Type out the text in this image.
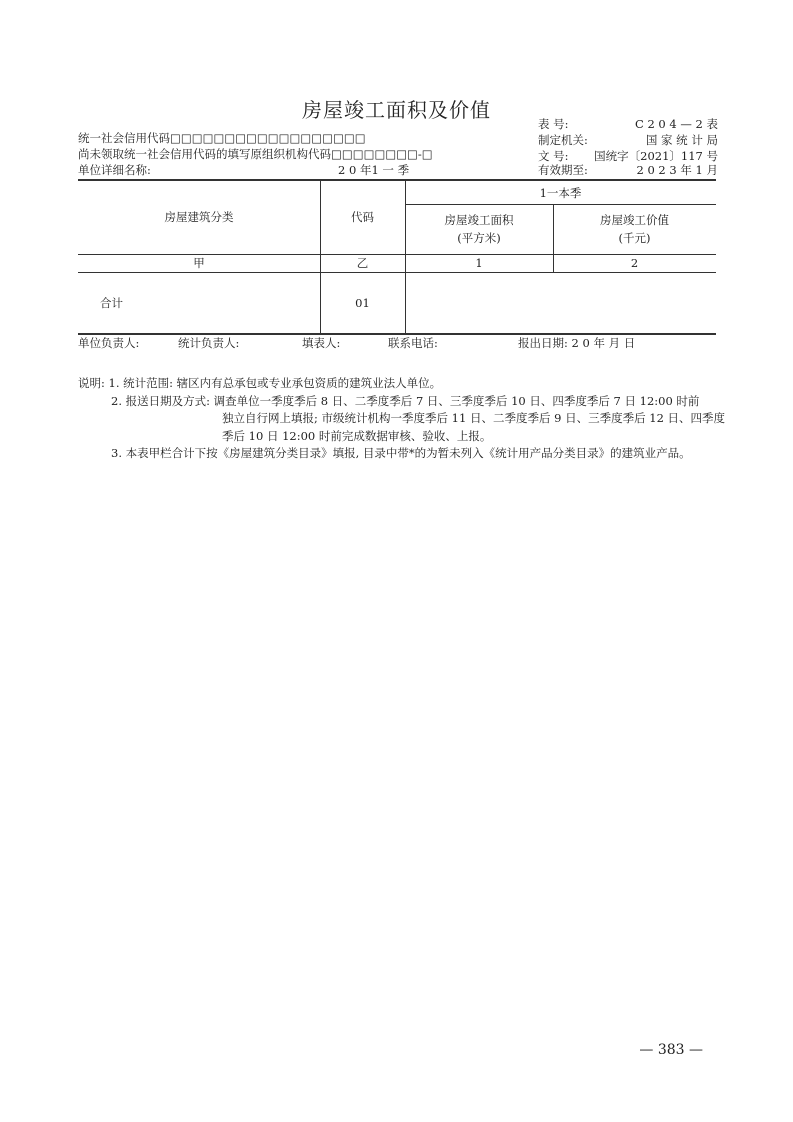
房屋竣工面积及价值
统一社会信用代码□□□□□□□□□□□□□□□□□□
尚未领取统一社会信用代码的填写原组织机构代码□□□□□□□□-□
单位详细名称:	2 0 年1 一 季
表 号:	C 2 0 4 — 2 表
制定机关:	国 家 统 计 局
文 号: 国统字〔2021〕117 号
有效期至:	2 0 2 3 年 1 月
房屋建筑分类	代码
1一本季
房屋竣工面积
(平方米)
房屋竣工价值
(千元)
甲	乙	1	2
合计	01
单位负责人:	统计负责人:	填表人:	联系电话:	报出日期: 2 0 年 月 日
说明: 1. 统计范围: 辖区内有总承包或专业承包资质的建筑业法人单位。
2. 报送日期及方式: 调查单位一季度季后 8 日、二季度季后 7 日、三季度季后 10 日、四季度季后 7 日 12:00 时前
独立自行网上填报; 市级统计机构一季度季后 11 日、二季度季后 9 日、三季度季后 12 日、四季度
季后 10 日 12:00 时前完成数据审核、验收、上报。
3. 本表甲栏合计下按《房屋建筑分类目录》填报, 目录中带*的为暂未列入《统计用产品分类目录》的建筑业产品。
— 383 —
